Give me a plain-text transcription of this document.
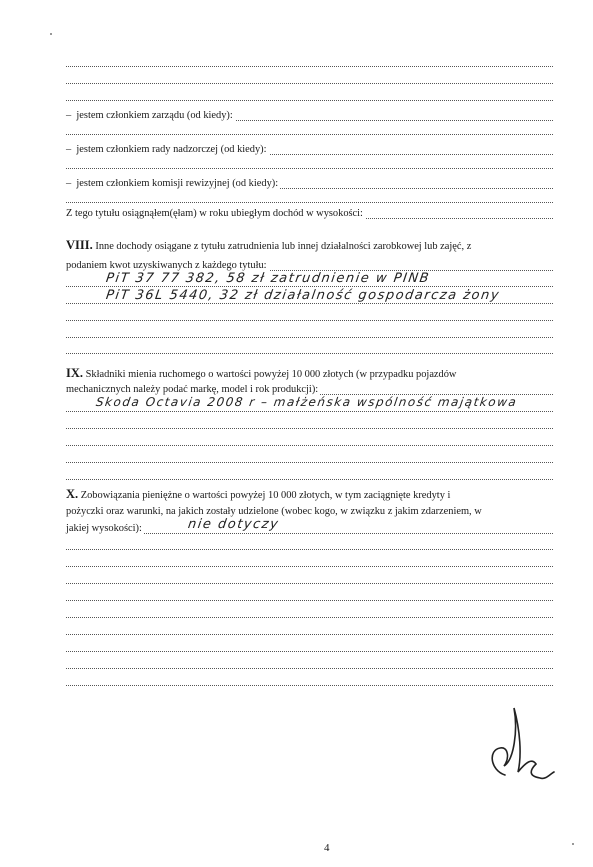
– jestem członkiem zarządu (od kiedy):
– jestem członkiem rady nadzorczej (od kiedy):
– jestem członkiem komisji rewizyjnej (od kiedy):
Z tego tytułu osiągnąłem(ęłam) w roku ubiegłym dochód w wysokości:
VIII. Inne dochody osiągane z tytułu zatrudnienia lub innej działalności zarobkowej lub zajęć, z
podaniem kwot uzyskiwanych z każdego tytułu:
PiT 37 77 382, 58 zł zatrudnienie w PINB
PiT 36L 5440, 32 zł działalność gospodarcza żony
IX. Składniki mienia ruchomego o wartości powyżej 10 000 złotych (w przypadku pojazdów
mechanicznych należy podać markę, model i rok produkcji):
Skoda Octavia 2008 r – małżeńska wspólność majątkowa
X. Zobowiązania pieniężne o wartości powyżej 10 000 złotych, w tym zaciągnięte kredyty i
pożyczki oraz warunki, na jakich zostały udzielone (wobec kogo, w związku z jakim zdarzeniem, w
jakiej wysokości):	nie dotyczy
4
